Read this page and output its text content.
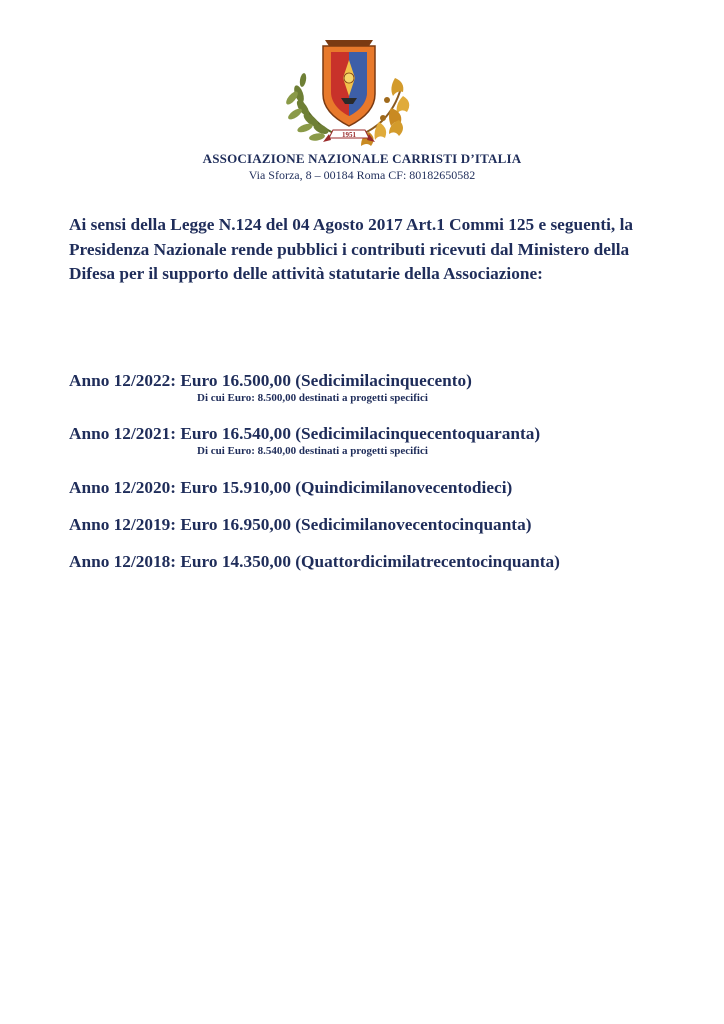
1951
ASSOCIAZIONE NAZIONALE CARRISTI D’ITALIA
Via Sforza, 8 – 00184 Roma CF: 80182650582

Ai sensi della Legge N.124 del 04 Agosto 2017 Art.1 Commi 125 e seguenti, la Presidenza Nazionale rende pubblici i contributi ricevuti dal Ministero della Difesa per il supporto delle attività statutarie della Associazione:

Anno 12/2022: Euro 16.500,00 (Sedicimilacinquecento)
Di cui Euro: 8.500,00 destinati a progetti specifici
Anno 12/2021: Euro 16.540,00 (Sedicimilacinquecentoquaranta)
Di cui Euro: 8.540,00 destinati a progetti specifici
Anno 12/2020: Euro 15.910,00 (Quindicimilanovecentodieci)
Anno 12/2019: Euro 16.950,00 (Sedicimilanovecentocinquanta)
Anno 12/2018: Euro 14.350,00 (Quattordicimilatrecentocinquanta)
